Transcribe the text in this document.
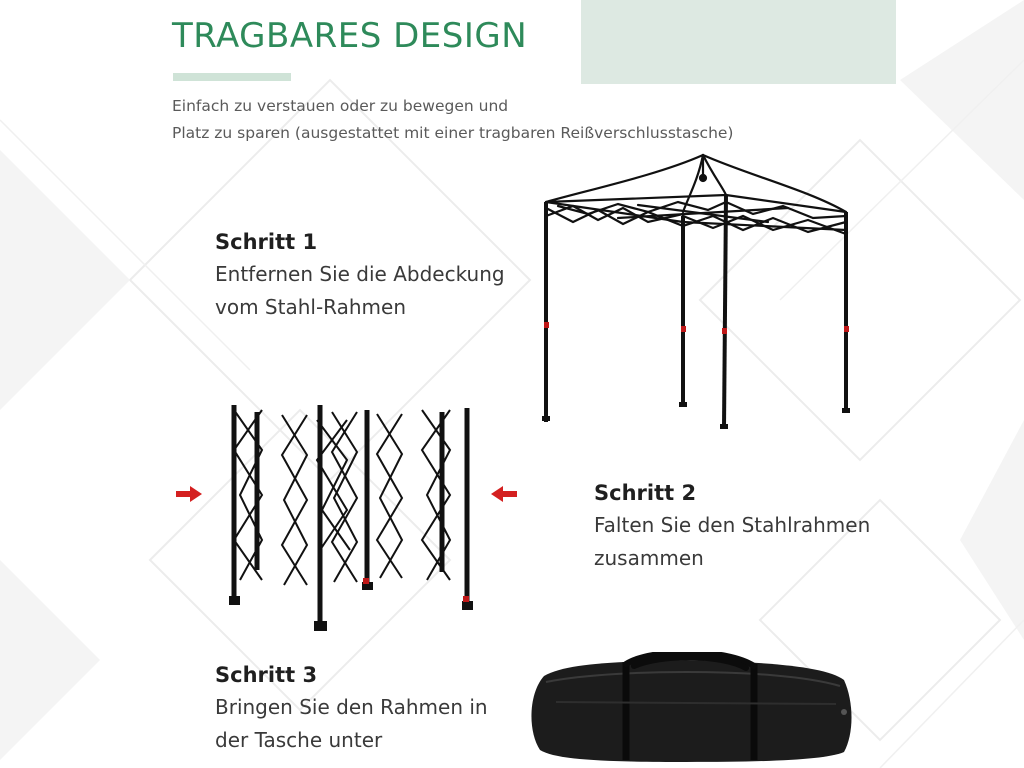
TRAGBARES DESIGN
Einfach zu verstauen oder zu bewegen und
Platz zu sparen (ausgestattet mit einer tragbaren Reißverschlusstasche)
Schritt 1
Entfernen Sie die Abdeckung
vom Stahl-Rahmen
Schritt 2
Falten Sie den Stahlrahmen
zusammen
Schritt 3
Bringen Sie den Rahmen in
der Tasche unter
